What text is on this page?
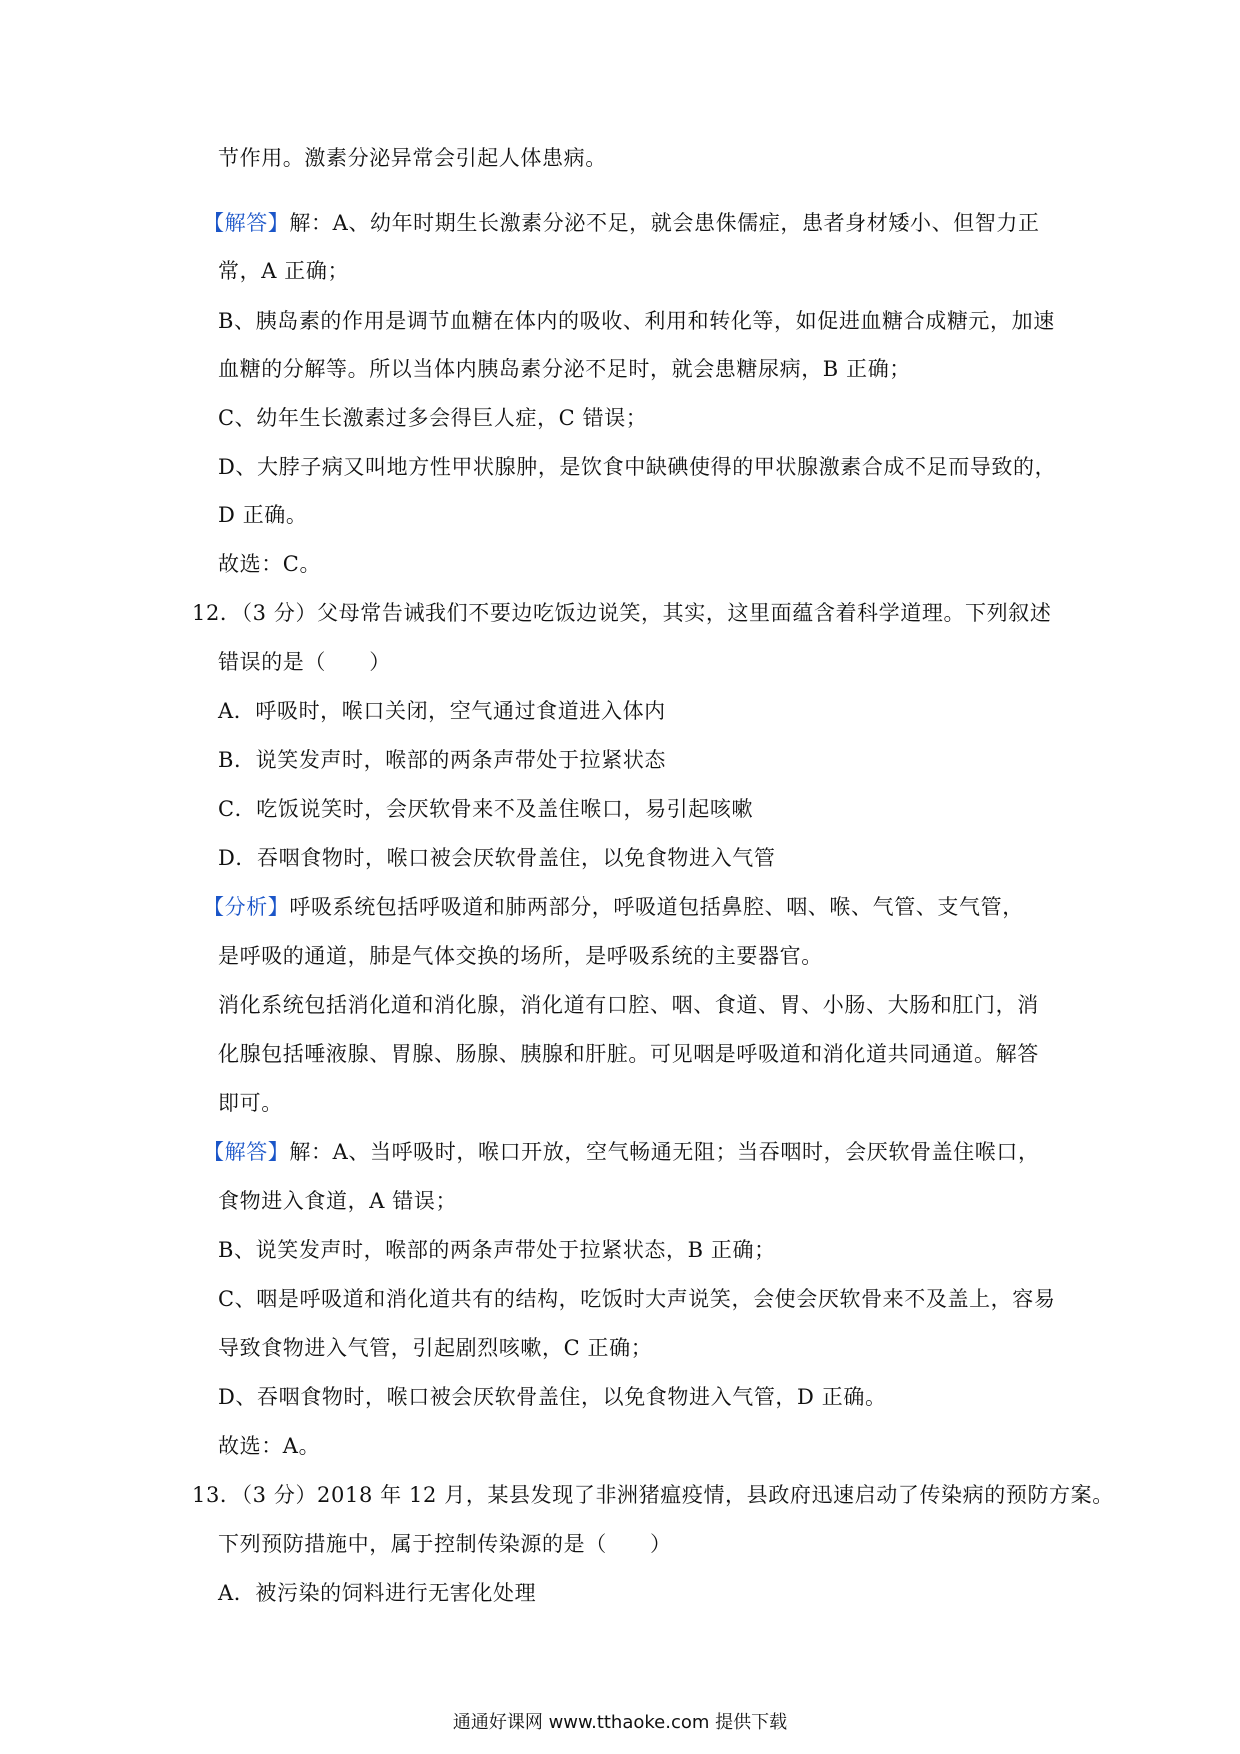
节作用。激素分泌异常会引起人体患病。
【解答】解：A、幼年时期生长激素分泌不足，就会患侏儒症，患者身材矮小、但智力正
常，A 正确；
B、胰岛素的作用是调节血糖在体内的吸收、利用和转化等，如促进血糖合成糖元，加速
血糖的分解等。所以当体内胰岛素分泌不足时，就会患糖尿病，B 正确；
C、幼年生长激素过多会得巨人症，C 错误；
D、大脖子病又叫地方性甲状腺肿，是饮食中缺碘使得的甲状腺激素合成不足而导致的，
D 正确。
故选：C。
12．（3 分）父母常告诫我们不要边吃饭边说笑，其实，这里面蕴含着科学道理。下列叙述
错误的是（　　）
A．呼吸时，喉口关闭，空气通过食道进入体内
B．说笑发声时，喉部的两条声带处于拉紧状态
C．吃饭说笑时，会厌软骨来不及盖住喉口，易引起咳嗽
D．吞咽食物时，喉口被会厌软骨盖住，以免食物进入气管
【分析】呼吸系统包括呼吸道和肺两部分，呼吸道包括鼻腔、咽、喉、气管、支气管，
是呼吸的通道，肺是气体交换的场所，是呼吸系统的主要器官。
消化系统包括消化道和消化腺，消化道有口腔、咽、食道、胃、小肠、大肠和肛门，消
化腺包括唾液腺、胃腺、肠腺、胰腺和肝脏。可见咽是呼吸道和消化道共同通道。解答
即可。
【解答】解：A、当呼吸时，喉口开放，空气畅通无阻；当吞咽时，会厌软骨盖住喉口，
食物进入食道，A 错误；
B、说笑发声时，喉部的两条声带处于拉紧状态，B 正确；
C、咽是呼吸道和消化道共有的结构，吃饭时大声说笑，会使会厌软骨来不及盖上，容易
导致食物进入气管，引起剧烈咳嗽，C 正确；
D、吞咽食物时，喉口被会厌软骨盖住，以免食物进入气管，D 正确。
故选：A。
13．（3 分）2018 年 12 月，某县发现了非洲猪瘟疫情，县政府迅速启动了传染病的预防方案。
下列预防措施中，属于控制传染源的是（　　）
A．被污染的饲料进行无害化处理
通通好课网 www.tthaoke.com 提供下载
